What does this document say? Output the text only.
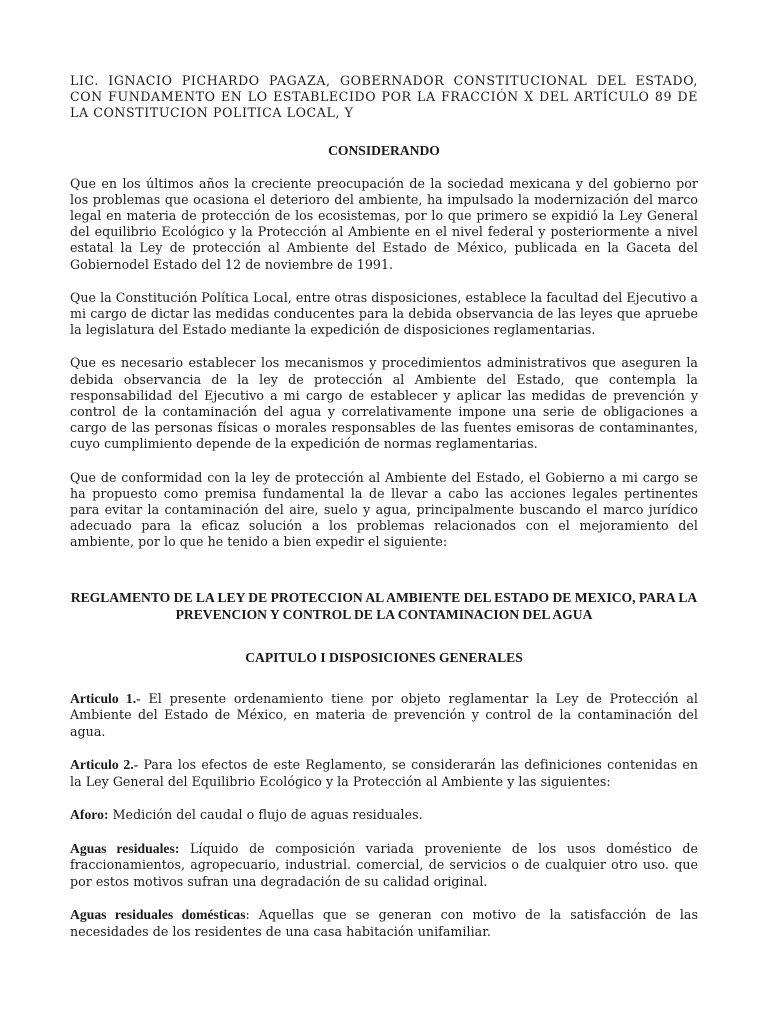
LIC. IGNACIO PICHARDO PAGAZA, GOBERNADOR CONSTITUCIONAL DEL ESTADO, CON FUNDAMENTO EN LO ESTABLECIDO POR LA FRACCIÓN X DEL ARTÍCULO 89 DE LA CONSTITUCION POLITICA LOCAL, Y

CONSIDERANDO

Que en los últimos años la creciente preocupación de la sociedad mexicana y del gobierno por los problemas que ocasiona el deterioro del ambiente, ha impulsado la modernización del marco legal en materia de protección de los ecosistemas, por lo que primero se expidió la Ley General del equilibrio Ecológico y la Protección al Ambiente en el nivel federal y posteriormente a nivel estatal la Ley de protección al Ambiente del Estado de México, publicada en la Gaceta del Gobiernodel Estado del 12 de noviembre de 1991.

Que la Constitución Política Local, entre otras disposiciones, establece la facultad del Ejecutivo a mi cargo de dictar las medidas conducentes para la debida observancia de las leyes que apruebe la legislatura del Estado mediante la expedición de disposiciones reglamentarias.

Que es necesario establecer los mecanismos y procedimientos administrativos que aseguren la debida observancia de la ley de protección al Ambiente del Estado, que contempla la responsabilidad del Ejecutivo a mi cargo de establecer y aplicar las medidas de prevención y control de la contaminación del agua y correlativamente impone una serie de obligaciones a cargo de las personas físicas o morales responsables de las fuentes emisoras de contaminantes, cuyo cumplimiento depende de la expedición de normas reglamentarias.

Que de conformidad con la ley de protección al Ambiente del Estado, el Gobierno a mi cargo se ha propuesto como premisa fundamental la de llevar a cabo las acciones legales pertinentes para evitar la contaminación del aire, suelo y agua, principalmente buscando el marco jurídico adecuado para la eficaz solución a los problemas relacionados con el mejoramiento del ambiente, por lo que he tenido a bien expedir el siguiente:

REGLAMENTO DE LA LEY DE PROTECCION AL AMBIENTE DEL ESTADO DE MEXICO, PARA LA PREVENCION Y CONTROL DE LA CONTAMINACION DEL AGUA
CAPITULO I DISPOSICIONES GENERALES

Articulo 1.- El presente ordenamiento tiene por objeto reglamentar la Ley de Protección al Ambiente del Estado de México, en materia de prevención y control de la contaminación del agua.

Articulo 2.- Para los efectos de este Reglamento, se considerarán las definiciones contenidas en la Ley General del Equilibrio Ecológico y la Protección al Ambiente y las siguientes:

Aforo: Medición del caudal o flujo de aguas residuales.

Aguas residuales: Líquido de composición variada proveniente de los usos doméstico de fraccionamientos, agropecuario, industrial. comercial, de servicios o de cualquier otro uso. que por estos motivos sufran una degradación de su calidad original.

Aguas residuales domésticas: Aquellas que se generan con motivo de la satisfacción de las necesidades de los residentes de una casa habitación unifamiliar.
